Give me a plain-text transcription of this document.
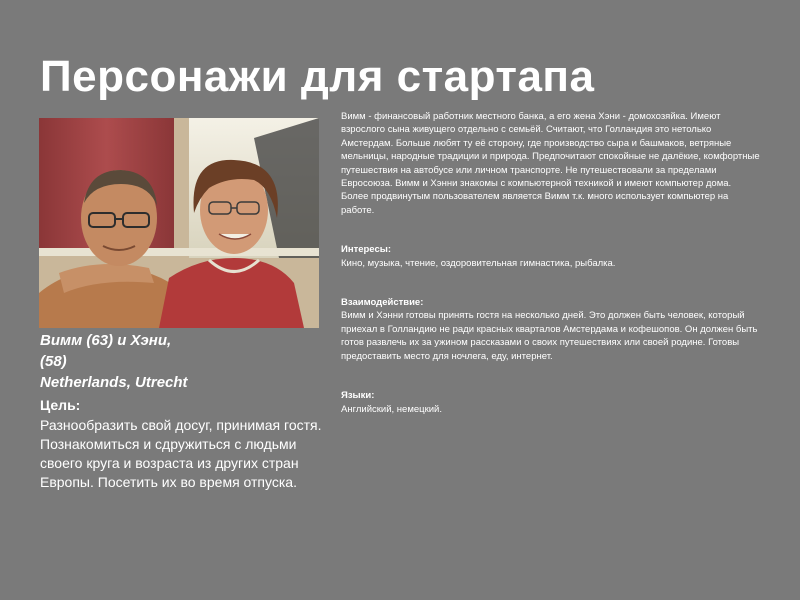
Персонажи для стартапа
Вимм (63) и Хэни,
(58)
Netherlands, Utrecht
Цель:
Разнообразить свой досуг, принимая гостя. Познакомиться и сдружиться с людьми своего круга и возраста из других стран Европы. Посетить их во время отпуска.
Вимм - финансовый работник местного банка, а его жена Хэни - домохозяйка. Имеют взрослого сына живущего отдельно с семьёй. Считают, что Голландия это нетолько Амстердам. Больше любят ту её сторону, где производство сыра и башмаков, ветряные мельницы, народные традиции и природа. Предпочитают спокойные не далёкие, комфортные путешествия на автобусе или личном транспорте. Не путешествовали за пределами Евросоюза. Вимм и Хэнни знакомы с компьютерной техникой и имеют компьютер дома. Более продвинутым пользователем является Вимм т.к. много использует компьютер на работе.
Интересы:
Кино, музыка, чтение, оздоровительная гимнастика, рыбалка.
Взаимодействие:
Вимм и Хэнни готовы принять гостя на несколько дней. Это должен быть человек, который приехал в Голландию не ради красных кварталов Амстердама и кофешопов. Он должен быть готов развлечь их за ужином рассказами о своих путешествиях или своей родине. Готовы предоставить место для ночлега, еду, интернет.
Языки:
Английский, немецкий.
